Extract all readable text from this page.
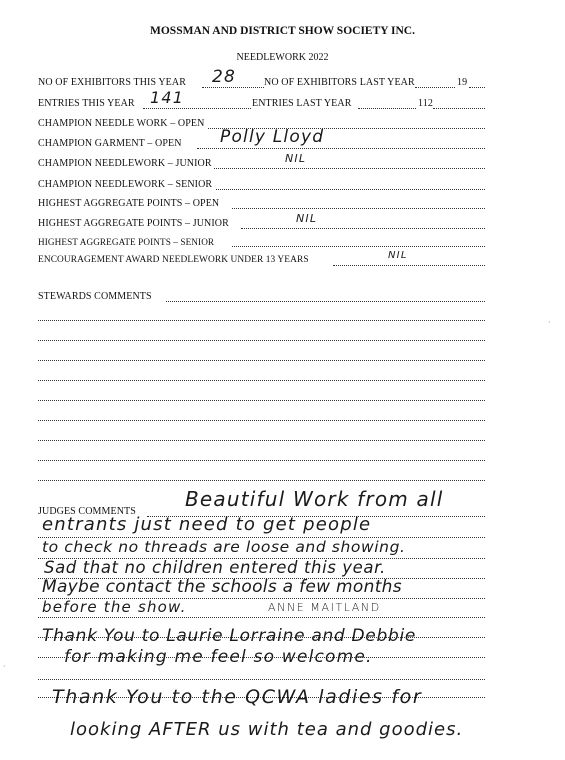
MOSSMAN AND DISTRICT SHOW SOCIETY INC.
NEEDLEWORK 2022
NO OF EXHIBITORS THIS YEAR 28	NO OF EXHIBITORS LAST YEAR	19
ENTRIES THIS YEAR 141	ENTRIES LAST YEAR	112
CHAMPION NEEDLE WORK – OPEN
CHAMPION GARMENT – OPEN Polly Lloyd
CHAMPION NEEDLEWORK – JUNIOR	NIL
CHAMPION NEEDLEWORK – SENIOR
HIGHEST AGGREGATE POINTS – OPEN
HIGHEST AGGREGATE POINTS – JUNIOR	NIL
HIGHEST AGGREGATE POINTS – SENIOR
ENCOURAGEMENT AWARD NEEDLEWORK UNDER 13 YEARS	NIL
STEWARDS COMMENTS
JUDGES COMMENTS
Beautiful Work from all
entrants just need to get people
to check no threads are loose and showing.
Sad that no children entered this year.
Maybe contact the schools a few months
before the show.	ANNE MAITLAND
Thank You to Laurie Lorraine and Debbie
for making me feel so welcome.
Thank You to the QCWA ladies for
looking AFTER us with tea and goodies.
·
·
